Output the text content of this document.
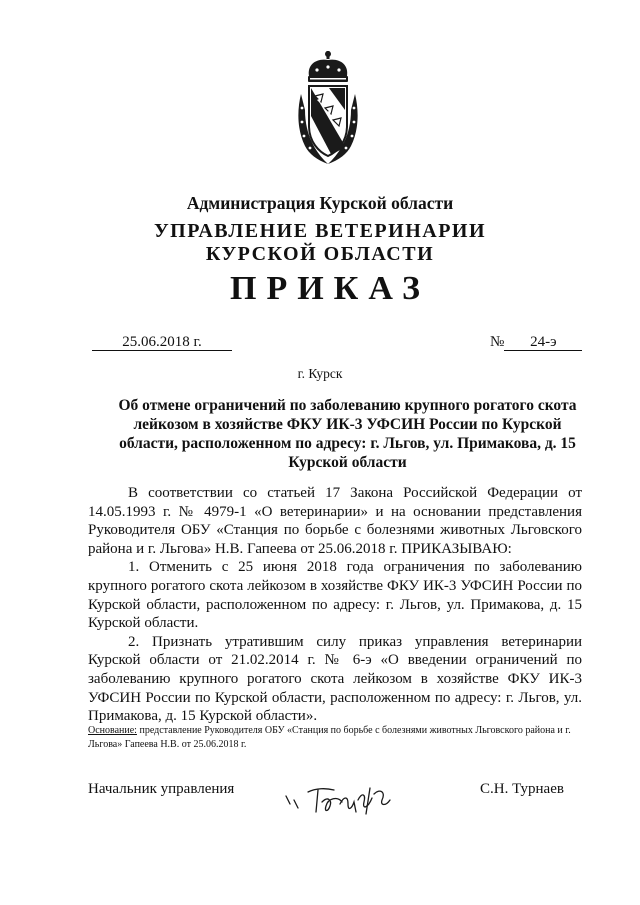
Администрация Курской области
УПРАВЛЕНИЕ ВЕТЕРИНАРИИ
КУРСКОЙ ОБЛАСТИ
ПРИКАЗ
25.06.2018 г.	№ 24-э
г. Курск
Об отмене ограничений по заболеванию крупного рогатого скота лейкозом в хозяйстве ФКУ ИК-3 УФСИН России по Курской области, расположенном по адресу: г. Льгов, ул. Примакова, д. 15 Курской области

В соответствии со статьей 17 Закона Российской Федерации от 14.05.1993 г. № 4979-1 «О ветеринарии» и на основании представления Руководителя ОБУ «Станция по борьбе с болезнями животных Льговского района и г. Льгова» Н.В. Гапеева от 25.06.2018 г. ПРИКАЗЫВАЮ:

1. Отменить с 25 июня 2018 года ограничения по заболеванию крупного рогатого скота лейкозом в хозяйстве ФКУ ИК-3 УФСИН России по Курской области, расположенном по адресу: г. Льгов, ул. Примакова, д. 15 Курской области.

2. Признать утратившим силу приказ управления ветеринарии Курской области от 21.02.2014 г. № 6-э «О введении ограничений по заболеванию крупного рогатого скота лейкозом в хозяйстве ФКУ ИК-3 УФСИН России по Курской области, расположенном по адресу: г. Льгов, ул. Примакова, д. 15 Курской области».

Основание: представление Руководителя ОБУ «Станция по борьбе с болезнями животных Льговского района и г. Льгова» Гапеева Н.В. от 25.06.2018 г.
Начальник управления	С.Н. Турнаев
